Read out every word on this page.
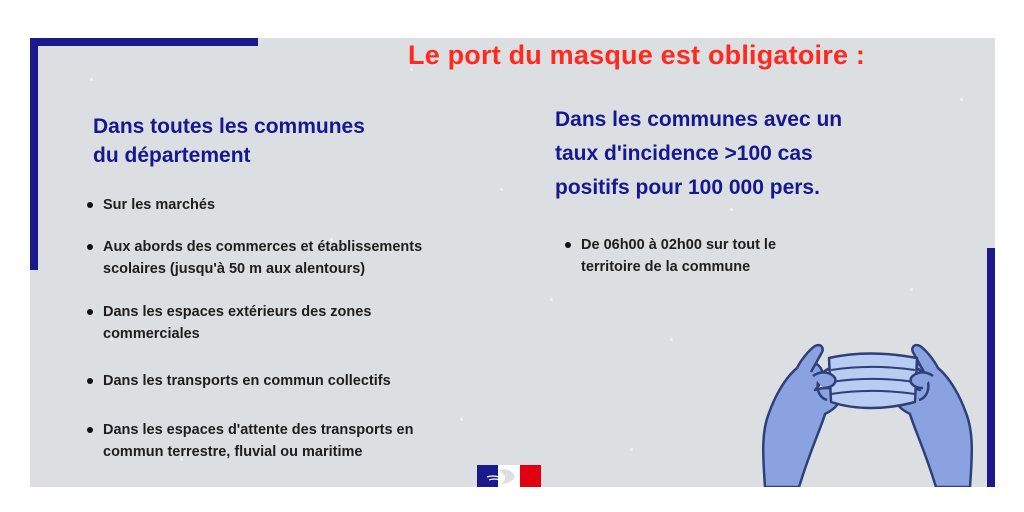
Le port du masque est obligatoire :
Dans toutes les communes
du département
Dans les communes avec un
taux d'incidence >100 cas
positifs pour 100 000 pers.
Sur les marchés
Aux abords des commerces et établissements
scolaires (jusqu'à 50 m aux alentours)
Dans les espaces extérieurs des zones
commerciales
Dans les transports en commun collectifs
Dans les espaces d'attente des transports en
commun terrestre, fluvial ou maritime
De 06h00 à 02h00 sur tout le
territoire de la commune
